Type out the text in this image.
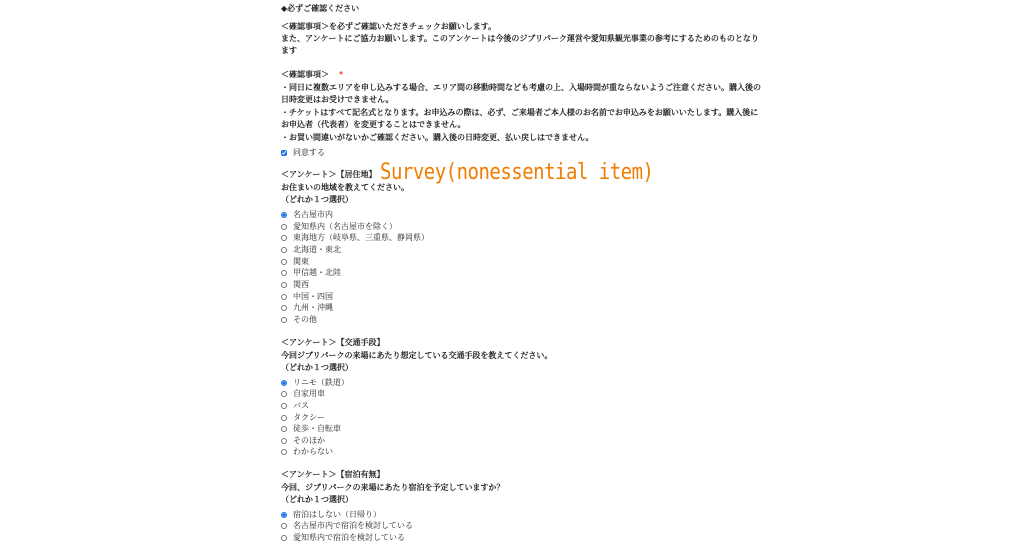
◆必ずご確認ください
＜確認事項＞を必ずご確認いただきチェックお願いします。
また、アンケートにご協力お願いします。このアンケートは今後のジブリパーク運営や愛知県観光事業の参考にするためのものとなり
ます
＜確認事項＞ *
・同日に複数エリアを申し込みする場合、エリア間の移動時間なども考慮の上、入場時間が重ならないようご注意ください。購入後の
日時変更はお受けできません。
・チケットはすべて記名式となります。お申込みの際は、必ず、ご来場者ご本人様のお名前でお申込みをお願いいたします。購入後に
お申込者（代表者）を変更することはできません。
・お買い間違いがないかご確認ください。購入後の日時変更、払い戻しはできません。
同意する
＜アンケート＞【居住地】
お住まいの地域を教えてください。
（どれか１つ選択）
名古屋市内
愛知県内（名古屋市を除く）
東海地方（岐阜県、三重県、静岡県）
北海道・東北
関東
甲信越・北陸
関西
中国・四国
九州・沖縄
その他
＜アンケート＞【交通手段】
今回ジブリパークの来場にあたり想定している交通手段を教えてください。
（どれか１つ選択）
リニモ（鉄道）
自家用車
バス
タクシー
徒歩・自転車
そのほか
わからない
＜アンケート＞【宿泊有無】
今回、ジブリパークの来場にあたり宿泊を予定していますか？
（どれか１つ選択）
宿泊はしない（日帰り）
名古屋市内で宿泊を検討している
愛知県内で宿泊を検討している
Survey(nonessential item)
